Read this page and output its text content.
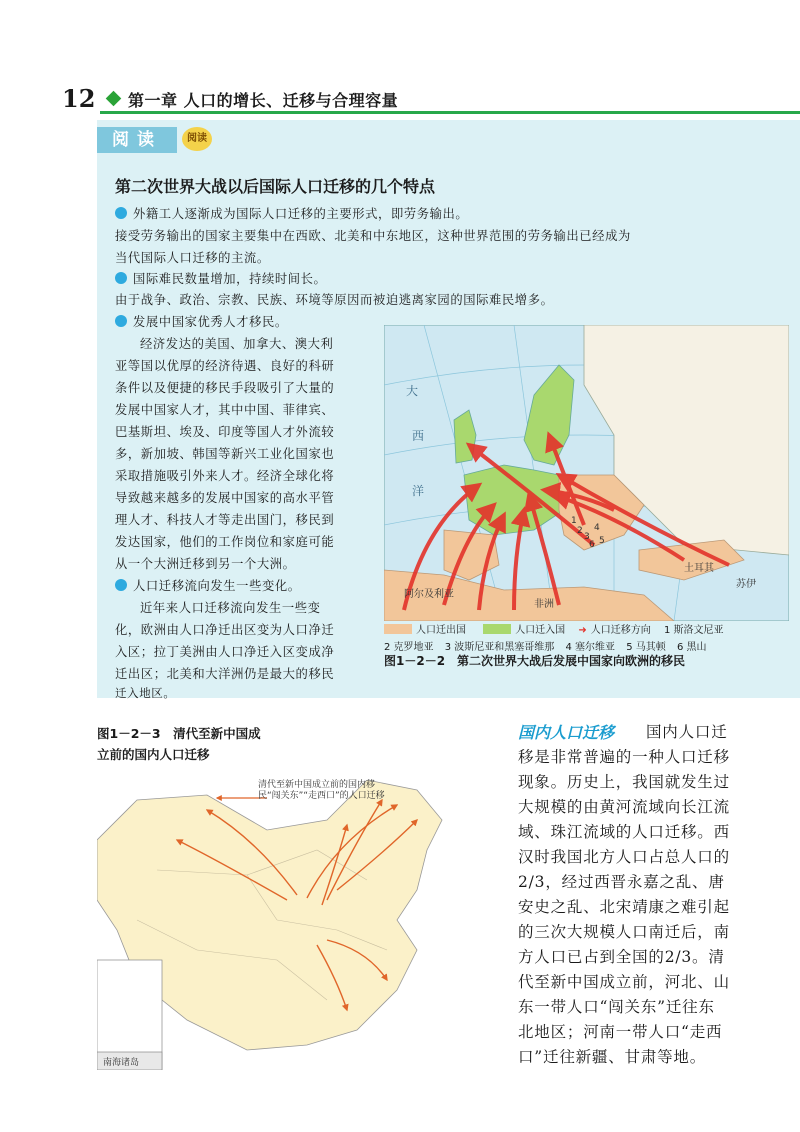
12 第一章 人口的增长、迁移与合理容量
阅读	阅读
第二次世界大战以后国际人口迁移的几个特点
外籍工人逐渐成为国际人口迁移的主要形式，即劳务输出。
接受劳务输出的国家主要集中在西欧、北美和中东地区，这种世界范围的劳务输出已经成为
当代国际人口迁移的主流。
国际难民数量增加，持续时间长。
由于战争、政治、宗教、民族、环境等原因而被迫逃离家园的国际难民增多。
发展中国家优秀人才移民。
经济发达的美国、加拿大、澳大利
亚等国以优厚的经济待遇、良好的科研
条件以及便捷的移民手段吸引了大量的
发展中国家人才，其中中国、菲律宾、
巴基斯坦、埃及、印度等国人才外流较
多，新加坡、韩国等新兴工业化国家也
采取措施吸引外来人才。经济全球化将
导致越来越多的发展中国家的高水平管
理人才、科技人才等走出国门，移民到
发达国家，他们的工作岗位和家庭可能
从一个大洲迁移到另一个大洲。
人口迁移流向发生一些变化。
近年来人口迁移流向发生一些变
化，欧洲由人口净迁出区变为人口净迁
入区；拉丁美洲由人口净迁入区变成净
迁出区；北美和大洋洲仍是最大的移民
迁入地区。
大
西
洋
土耳其
非洲
阿尔及利亚
苏伊
1
2
3
4
5
6
人口迁出国	人口迁入国 ➜ 人口迁移方向 1 斯洛文尼亚
2 克罗地亚 3 波斯尼亚和黑塞哥维那 4 塞尔维亚 5 马其顿 6 黑山
图1－2－2　第二次世界大战后发展中国家向欧洲的移民
图1－2－3　清代至新中国成立前的国内人口迁移
南海诸岛
清代至新中国成立前的国内移民“闯关东”“走西口”的人口迁移
国内人口迁移 国内人口迁
移是非常普遍的一种人口迁移
现象。历史上，我国就发生过
大规模的由黄河流域向长江流
域、珠江流域的人口迁移。西
汉时我国北方人口占总人口的
2/3，经过西晋永嘉之乱、唐
安史之乱、北宋靖康之难引起
的三次大规模人口南迁后，南
方人口已占到全国的2/3。清
代至新中国成立前，河北、山
东一带人口“闯关东”迁往东
北地区；河南一带人口“走西
口”迁往新疆、甘肃等地。
